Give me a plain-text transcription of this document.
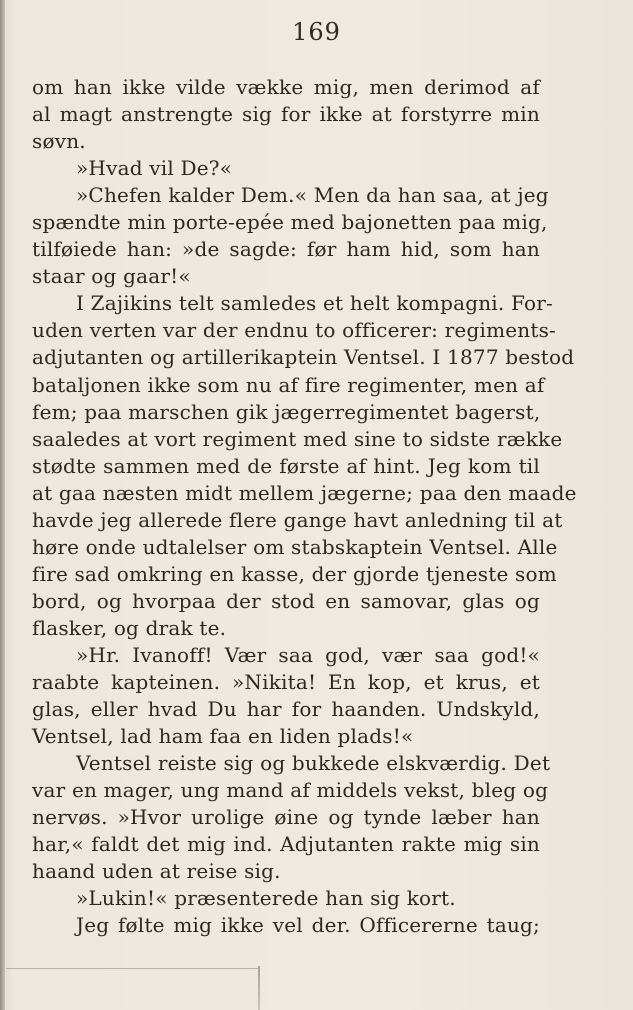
169
om han ikke vilde vække mig, men derimod af
al magt anstrengte sig for ikke at forstyrre min
søvn.
»Hvad vil De?«
»Chefen kalder Dem.« Men da han saa, at jeg
spændte min porte-epée med bajonetten paa mig,
tilføiede han: »de sagde: før ham hid, som han
staar og gaar!«
I Zajikins telt samledes et helt kompagni. For-
uden verten var der endnu to officerer: regiments-
adjutanten og artillerikaptein Ventsel. I 1877 bestod
bataljonen ikke som nu af fire regimenter, men af
fem; paa marschen gik jægerregimentet bagerst,
saaledes at vort regiment med sine to sidste række
stødte sammen med de første af hint. Jeg kom til
at gaa næsten midt mellem jægerne; paa den maade
havde jeg allerede flere gange havt anledning til at
høre onde udtalelser om stabskaptein Ventsel. Alle
fire sad omkring en kasse, der gjorde tjeneste som
bord, og hvorpaa der stod en samovar, glas og
flasker, og drak te.
»Hr. Ivanoff! Vær saa god, vær saa god!«
raabte kapteinen. »Nikita! En kop, et krus, et
glas, eller hvad Du har for haanden. Undskyld,
Ventsel, lad ham faa en liden plads!«
Ventsel reiste sig og bukkede elskværdig. Det
var en mager, ung mand af middels vekst, bleg og
nervøs. »Hvor urolige øine og tynde læber han
har,« faldt det mig ind. Adjutanten rakte mig sin
haand uden at reise sig.
»Lukin!« præsenterede han sig kort.
Jeg følte mig ikke vel der. Officererne taug;
